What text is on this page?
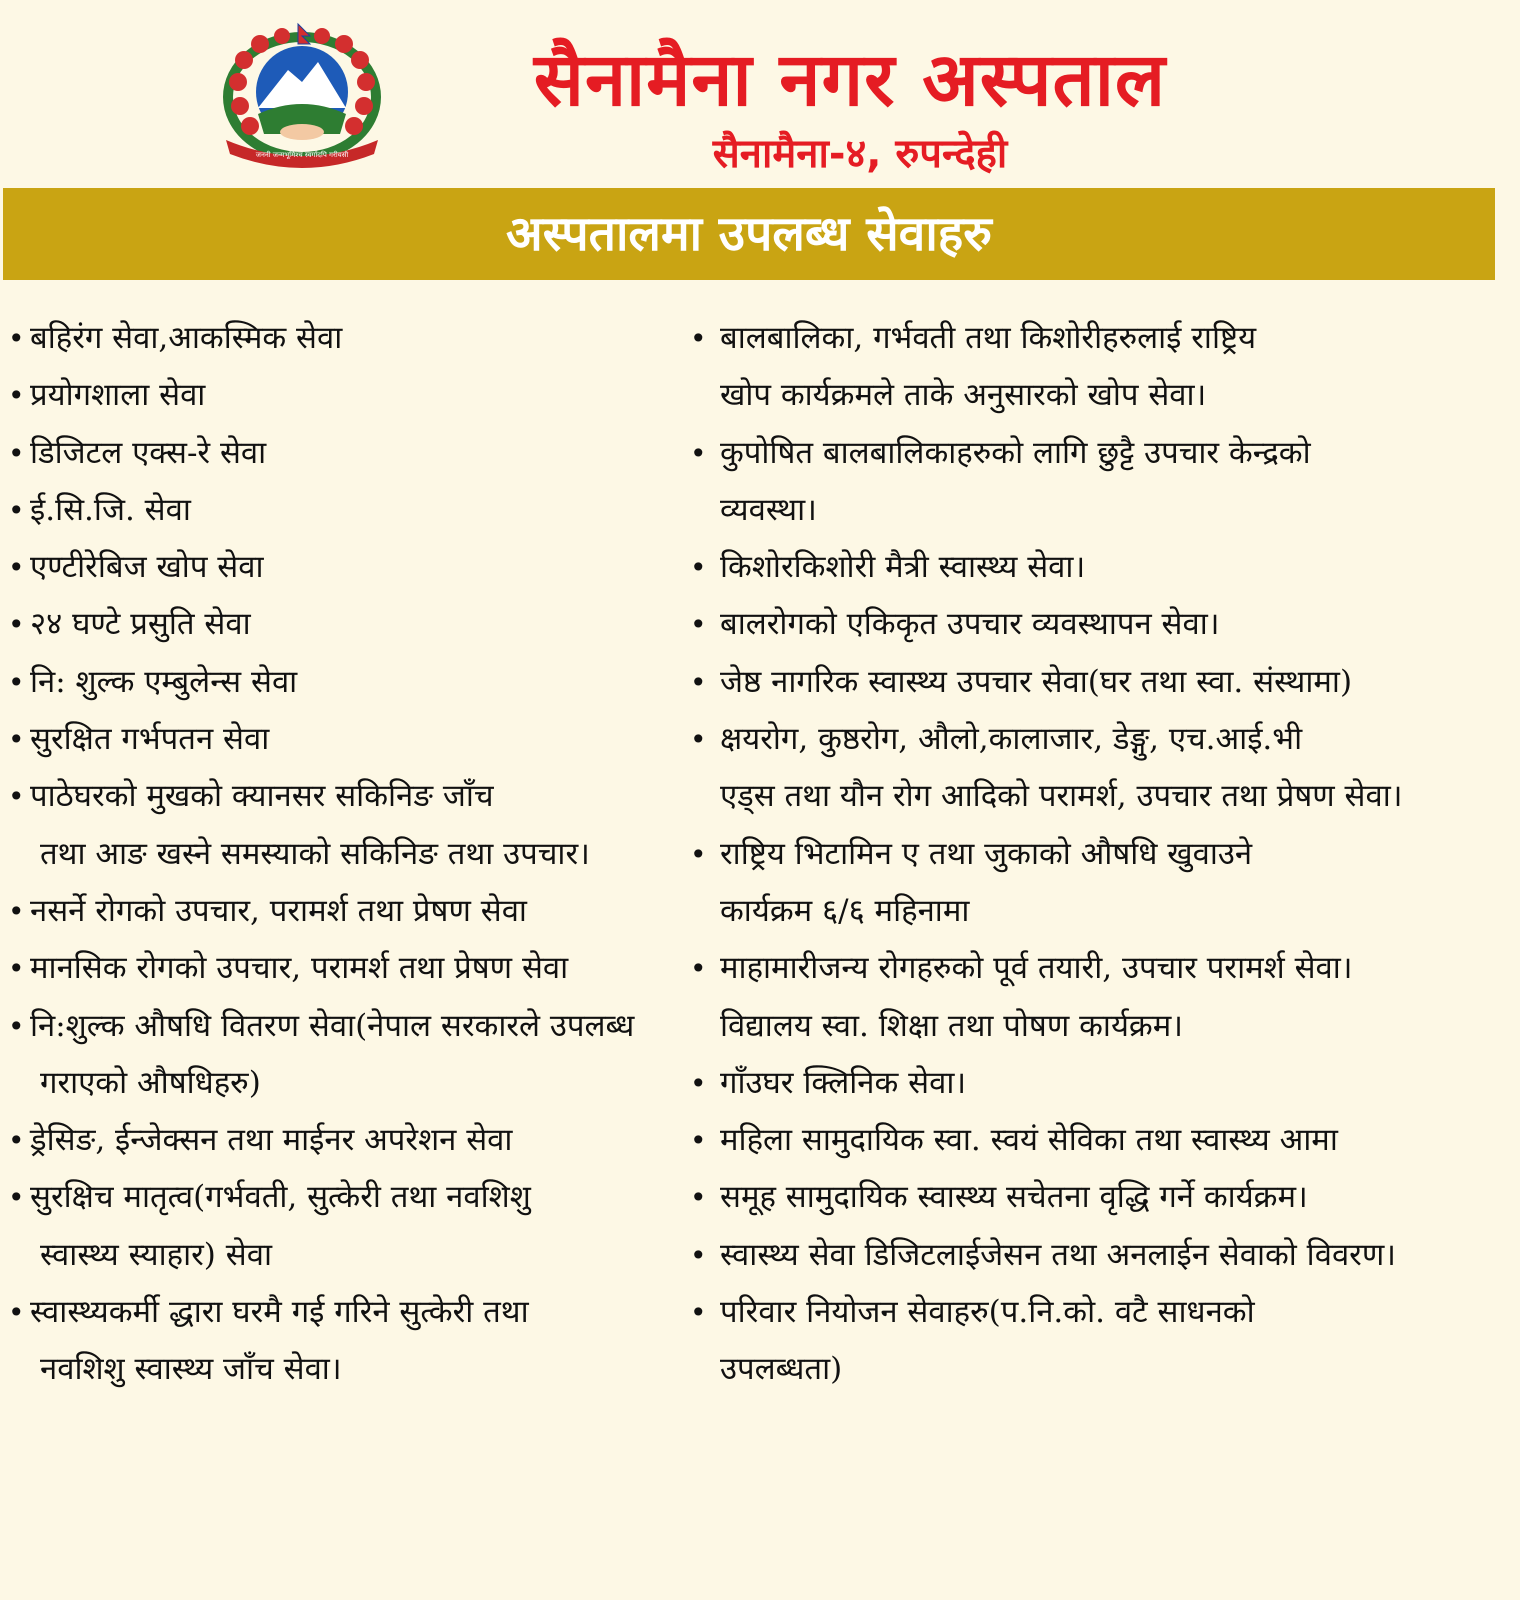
जननी जन्मभूमिश्च स्वर्गादपि गरीयसी
सैनामैना नगर अस्पताल
सैनामैना-४, रुपन्देही
अस्पतालमा उपलब्ध सेवाहरु
• बहिरंग सेवा,आकस्मिक सेवा
• प्रयोगशाला सेवा
• डिजिटल एक्स-रे सेवा
• ई.सि.जि. सेवा
• एण्टीरेबिज खोप सेवा
• २४ घण्टे प्रसुति सेवा
• नि: शुल्क एम्बुलेन्स सेवा
• सुरक्षित गर्भपतन सेवा
• पाठेघरको मुखको क्यानसर सकिनिङ जाँच
तथा आङ खस्ने समस्याको सकिनिङ तथा उपचार।
• नसर्ने रोगको उपचार, परामर्श तथा प्रेषण सेवा
• मानसिक रोगको उपचार, परामर्श तथा प्रेषण सेवा
• नि:शुल्क औषधि वितरण सेवा(नेपाल सरकारले उपलब्ध
गराएको औषधिहरु)
• ड्रेसिङ, ईन्जेक्सन तथा माईनर अपरेशन सेवा
• सुरक्षिच मातृत्व(गर्भवती, सुत्केरी तथा नवशिशु
स्वास्थ्य स्याहार) सेवा
• स्वास्थ्यकर्मी द्धारा घरमै गई गरिने सुत्केरी तथा
नवशिशु स्वास्थ्य जाँच सेवा।
• बालबालिका, गर्भवती तथा किशोरीहरुलाई राष्ट्रिय
खोप कार्यक्रमले ताके अनुसारको खोप सेवा।
• कुपोषित बालबालिकाहरुको लागि छुट्टै उपचार केन्द्रको
व्यवस्था।
• किशोरकिशोरी मैत्री स्वास्थ्य सेवा।
• बालरोगको एकिकृत उपचार व्यवस्थापन सेवा।
• जेष्ठ नागरिक स्वास्थ्य उपचार सेवा(घर तथा स्वा. संस्थामा)
• क्षयरोग, कुष्ठरोग, औलो,कालाजार, डेङ्गु, एच.आई.भी
एड्स तथा यौन रोग आदिको परामर्श, उपचार तथा प्रेषण सेवा।
• राष्ट्रिय भिटामिन ए तथा जुकाको औषधि खुवाउने
कार्यक्रम ६/६ महिनामा
• माहामारीजन्य रोगहरुको पूर्व तयारी, उपचार परामर्श सेवा।
विद्यालय स्वा. शिक्षा तथा पोषण कार्यक्रम।
• गाँउघर क्लिनिक सेवा।
• महिला सामुदायिक स्वा. स्वयं सेविका तथा स्वास्थ्य आमा
• समूह सामुदायिक स्वास्थ्य सचेतना वृद्धि गर्ने कार्यक्रम।
• स्वास्थ्य सेवा डिजिटलाईजेसन तथा अनलाईन सेवाको विवरण।
• परिवार नियोजन सेवाहरु(प.नि.को. वटै साधनको
उपलब्धता)
